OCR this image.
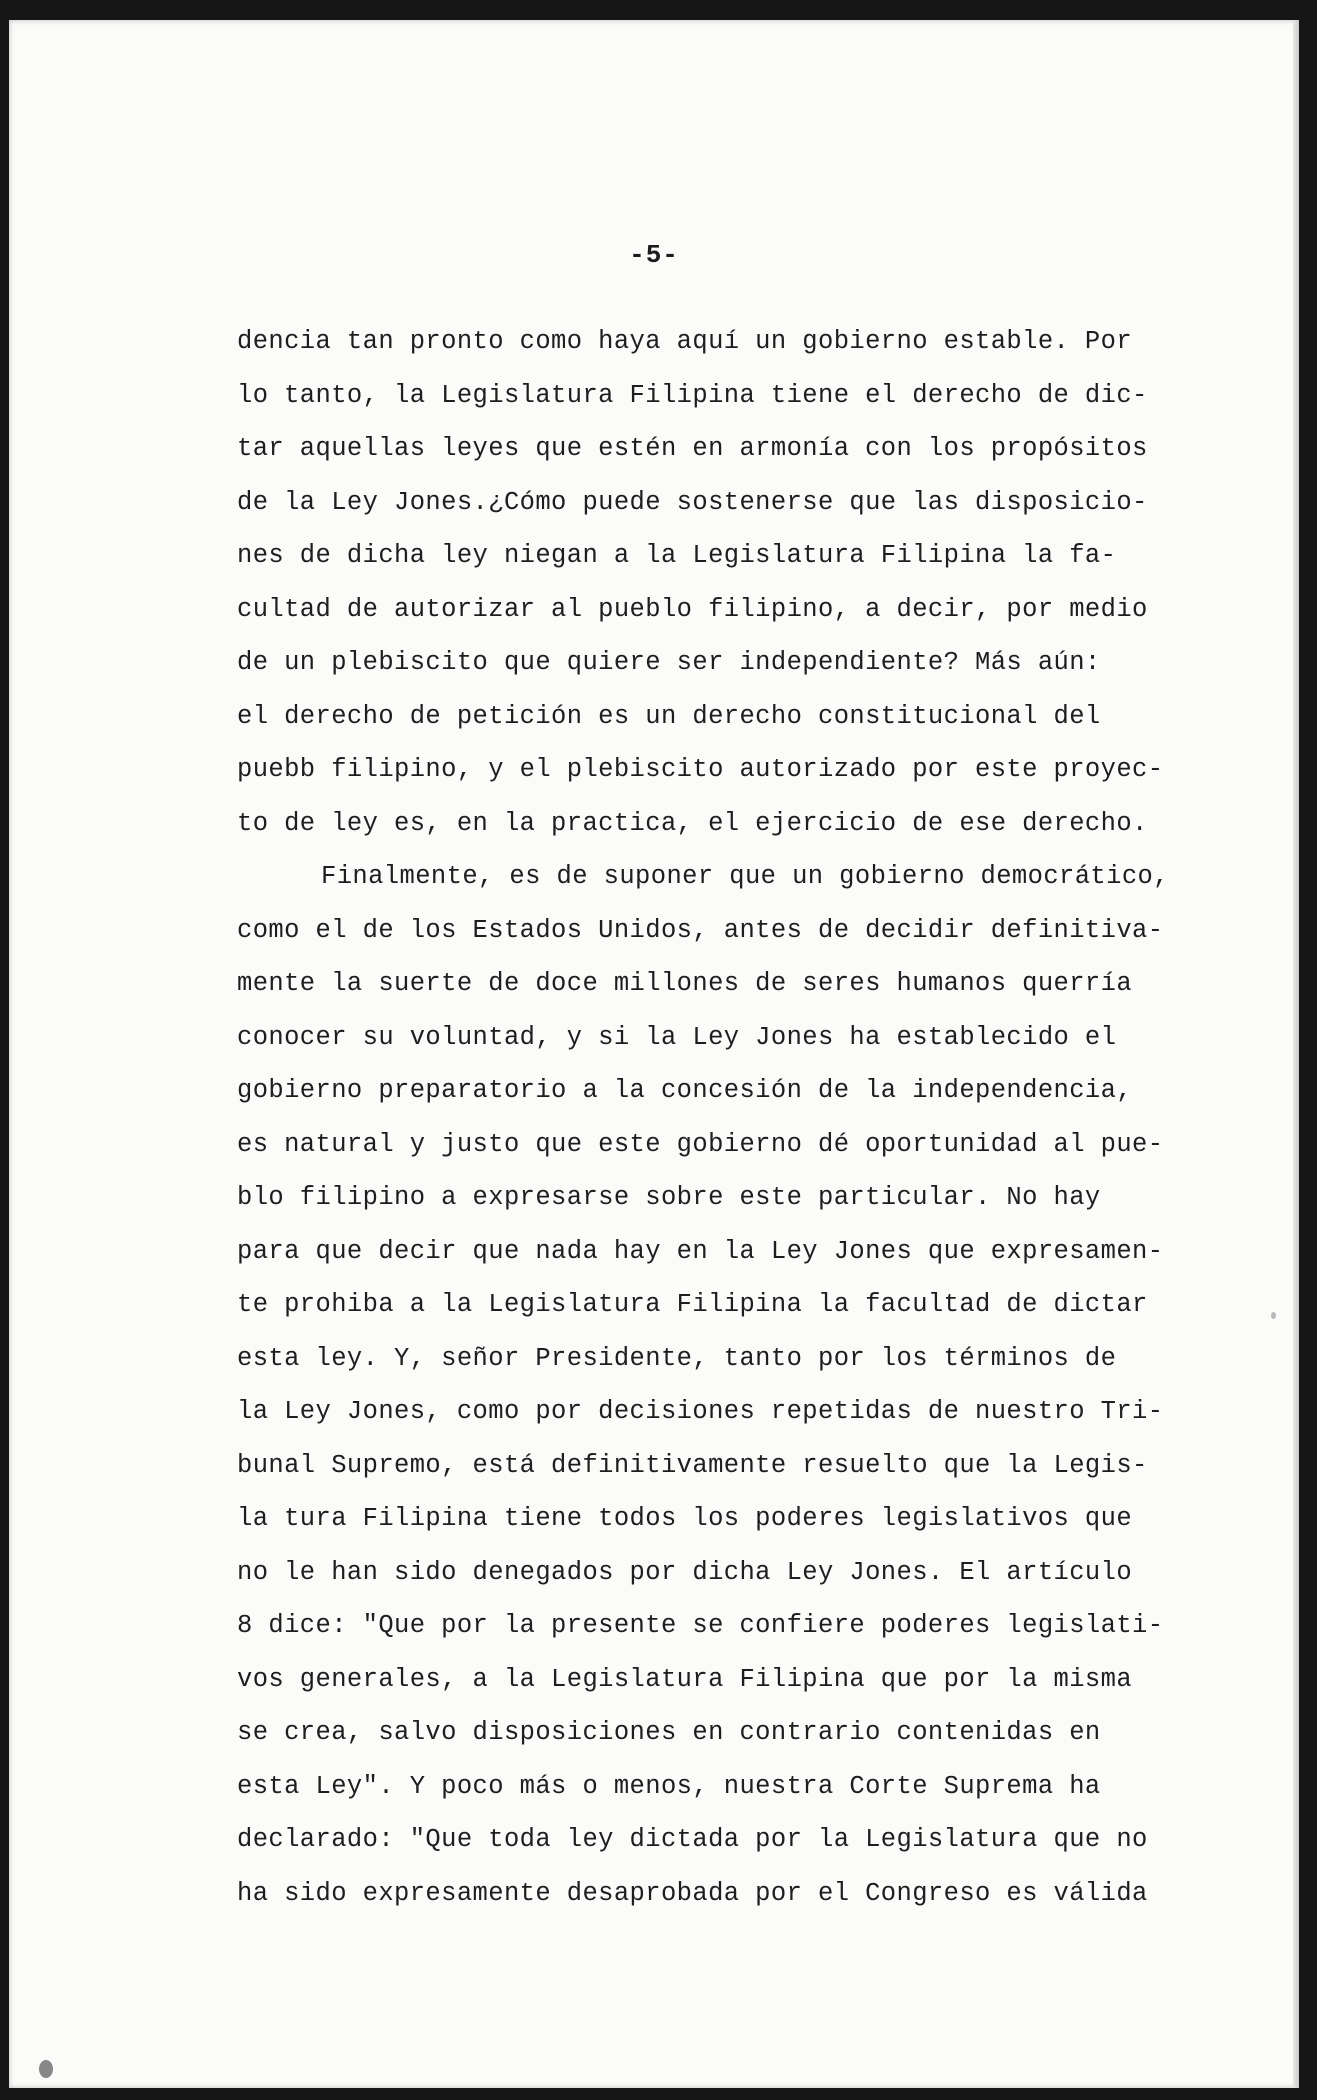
-5-
dencia tan pronto como haya aquí un gobierno estable. Por
lo tanto, la Legislatura Filipina tiene el derecho de dic-
tar aquellas leyes que estén en armonía con los propósitos
de la Ley Jones.¿Cómo puede sostenerse que las disposicio-
nes de dicha ley niegan a la Legislatura Filipina la fa-
cultad de autorizar al pueblo filipino, a decir, por medio
de un plebiscito que quiere ser independiente? Más aún:
el derecho de petición es un derecho constitucional del
puebb filipino, y el plebiscito autorizado por este proyec-
to de ley es, en la practica, el ejercicio de ese derecho.
Finalmente, es de suponer que un gobierno democrático,
como el de los Estados Unidos, antes de decidir definitiva-
mente la suerte de doce millones de seres humanos querría
conocer su voluntad, y si la Ley Jones ha establecido el
gobierno preparatorio a la concesión de la independencia,
es natural y justo que este gobierno dé oportunidad al pue-
blo filipino a expresarse sobre este particular. No hay
para que decir que nada hay en la Ley Jones que expresamen-
te prohiba a la Legislatura Filipina la facultad de dictar
esta ley. Y, señor Presidente, tanto por los términos de
la Ley Jones, como por decisiones repetidas de nuestro Tri-
bunal Supremo, está definitivamente resuelto que la Legis-
la tura Filipina tiene todos los poderes legislativos que
no le han sido denegados por dicha Ley Jones. El artículo
8 dice: "Que por la presente se confiere poderes legislati-
vos generales, a la Legislatura Filipina que por la misma
se crea, salvo disposiciones en contrario contenidas en
esta Ley". Y poco más o menos, nuestra Corte Suprema ha
declarado: "Que toda ley dictada por la Legislatura que no
ha sido expresamente desaprobada por el Congreso es válida
